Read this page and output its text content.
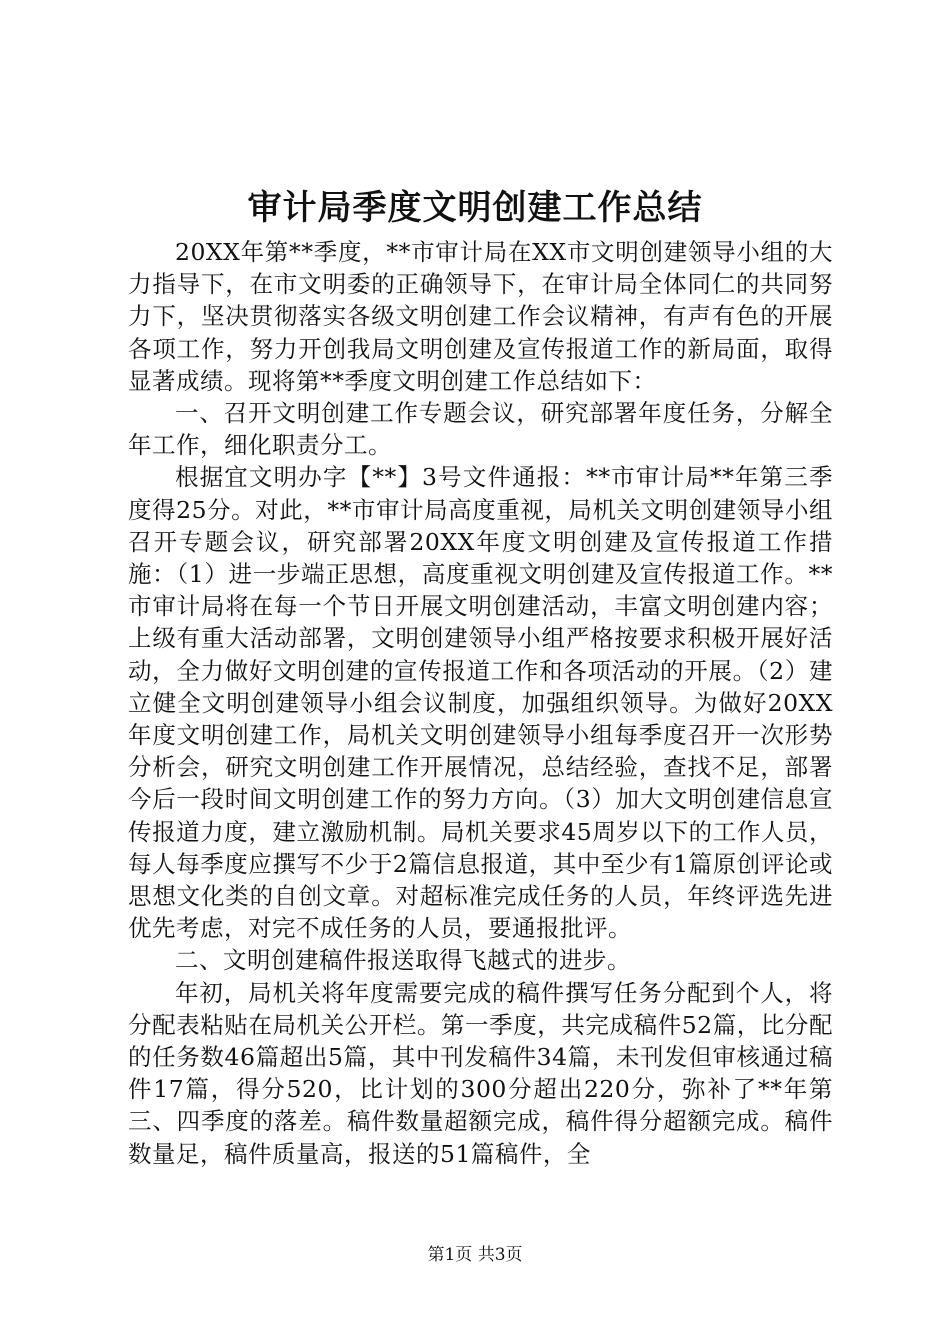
审计局季度文明创建工作总结

20XX年第**季度，**市审计局在XX市文明创建领导小组的大力指导下，在市文明委的正确领导下，在审计局全体同仁的共同努力下，坚决贯彻落实各级文明创建工作会议精神，有声有色的开展各项工作，努力开创我局文明创建及宣传报道工作的新局面，取得显著成绩。现将第**季度文明创建工作总结如下：

一、召开文明创建工作专题会议，研究部署年度任务，分解全年工作，细化职责分工。

根据宜文明办字【**】3号文件通报：**市审计局**年第三季度得25分。对此，**市审计局高度重视，局机关文明创建领导小组召开专题会议，研究部署20XX年度文明创建及宣传报道工作措施：（1）进一步端正思想，高度重视文明创建及宣传报道工作。**市审计局将在每一个节日开展文明创建活动，丰富文明创建内容；上级有重大活动部署，文明创建领导小组严格按要求积极开展好活动，全力做好文明创建的宣传报道工作和各项活动的开展。（2）建立健全文明创建领导小组会议制度，加强组织领导。为做好20XX年度文明创建工作，局机关文明创建领导小组每季度召开一次形势分析会，研究文明创建工作开展情况，总结经验，查找不足，部署今后一段时间文明创建工作的努力方向。（3）加大文明创建信息宣传报道力度，建立激励机制。局机关要求45周岁以下的工作人员，每人每季度应撰写不少于2篇信息报道，其中至少有1篇原创评论或思想文化类的自创文章。对超标准完成任务的人员，年终评选先进优先考虑，对完不成任务的人员，要通报批评。

二、文明创建稿件报送取得飞越式的进步。

年初，局机关将年度需要完成的稿件撰写任务分配到个人，将分配表粘贴在局机关公开栏。第一季度，共完成稿件52篇，比分配的任务数46篇超出5篇，其中刊发稿件34篇，未刊发但审核通过稿件17篇，得分520，比计划的300分超出220分，弥补了**年第三、四季度的落差。稿件数量超额完成，稿件得分超额完成。稿件数量足，稿件质量高，报送的51篇稿件，全

第1页 共3页
